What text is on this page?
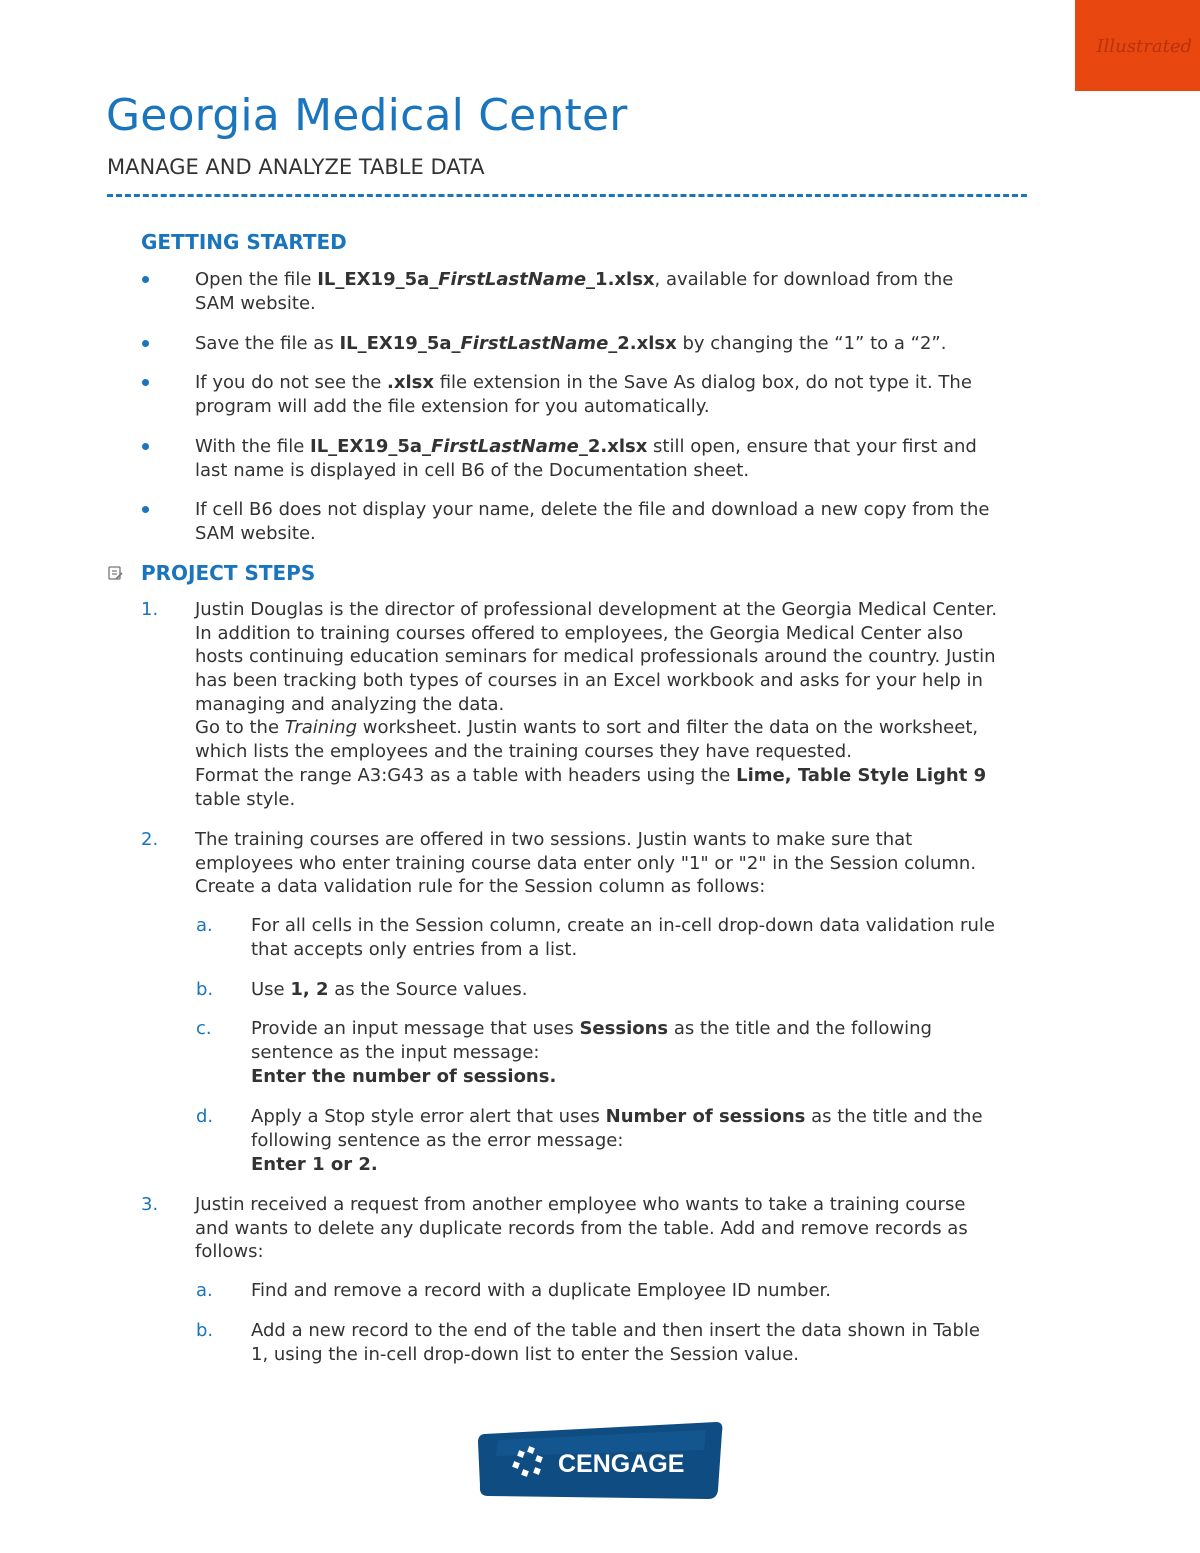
Illustrated
Georgia Medical Center
MANAGE AND ANALYZE TABLE DATA
GETTING STARTED
Open the file IL_EX19_5a_FirstLastName_1.xlsx, available for download from the
SAM website.
Save the file as IL_EX19_5a_FirstLastName_2.xlsx by changing the “1” to a “2”.
If you do not see the .xlsx file extension in the Save As dialog box, do not type it. The
program will add the file extension for you automatically.
With the file IL_EX19_5a_FirstLastName_2.xlsx still open, ensure that your first and
last name is displayed in cell B6 of the Documentation sheet.
If cell B6 does not display your name, delete the file and download a new copy from the
SAM website.
PROJECT STEPS
1. Justin Douglas is the director of professional development at the Georgia Medical Center.
In addition to training courses offered to employees, the Georgia Medical Center also
hosts continuing education seminars for medical professionals around the country. Justin
has been tracking both types of courses in an Excel workbook and asks for your help in
managing and analyzing the data.
Go to the Training worksheet. Justin wants to sort and filter the data on the worksheet,
which lists the employees and the training courses they have requested.
Format the range A3:G43 as a table with headers using the Lime, Table Style Light 9
table style.
2. The training courses are offered in two sessions. Justin wants to make sure that
employees who enter training course data enter only "1" or "2" in the Session column.
Create a data validation rule for the Session column as follows:
a. For all cells in the Session column, create an in-cell drop-down data validation rule
that accepts only entries from a list.
b. Use 1, 2 as the Source values.
c. Provide an input message that uses Sessions as the title and the following
sentence as the input message:
Enter the number of sessions.
d. Apply a Stop style error alert that uses Number of sessions as the title and the
following sentence as the error message:
Enter 1 or 2.
3. Justin received a request from another employee who wants to take a training course
and wants to delete any duplicate records from the table. Add and remove records as
follows:
a. Find and remove a record with a duplicate Employee ID number.
b. Add a new record to the end of the table and then insert the data shown in Table
1, using the in-cell drop-down list to enter the Session value.
CENGAGE
